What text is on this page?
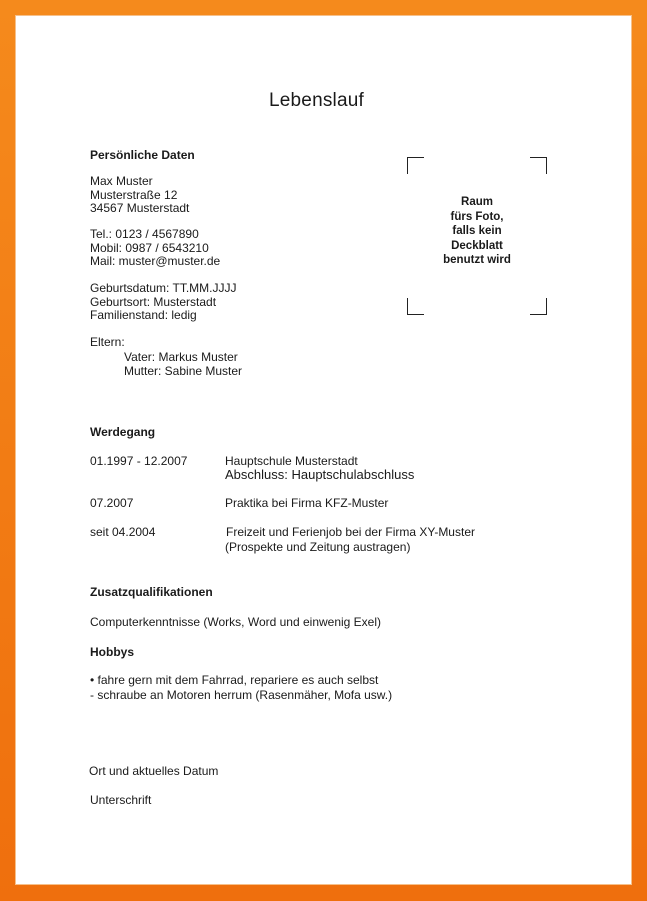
Lebenslauf
Persönliche Daten
Max Muster
Musterstraße 12
34567 Musterstadt
Tel.: 0123 / 4567890
Mobil: 0987 / 6543210
Mail: muster@muster.de
Geburtsdatum: TT.MM.JJJJ
Geburtsort: Musterstadt
Familienstand: ledig
Eltern:
Vater: Markus Muster
Mutter: Sabine Muster
Raum
fürs Foto,
falls kein
Deckblatt
benutzt wird
Werdegang
01.1997 - 12.2007	Hauptschule Musterstadt
Abschluss: Hauptschulabschluss
07.2007	Praktika bei Firma KFZ-Muster
seit 04.2004	Freizeit und Ferienjob bei der Firma XY-Muster
(Prospekte und Zeitung austragen)
Zusatzqualifikationen
Computerkenntnisse (Works, Word und einwenig Exel)
Hobbys
• fahre gern mit dem Fahrrad, repariere es auch selbst
- schraube an Motoren herrum (Rasenmäher, Mofa usw.)
Ort und aktuelles Datum
Unterschrift
